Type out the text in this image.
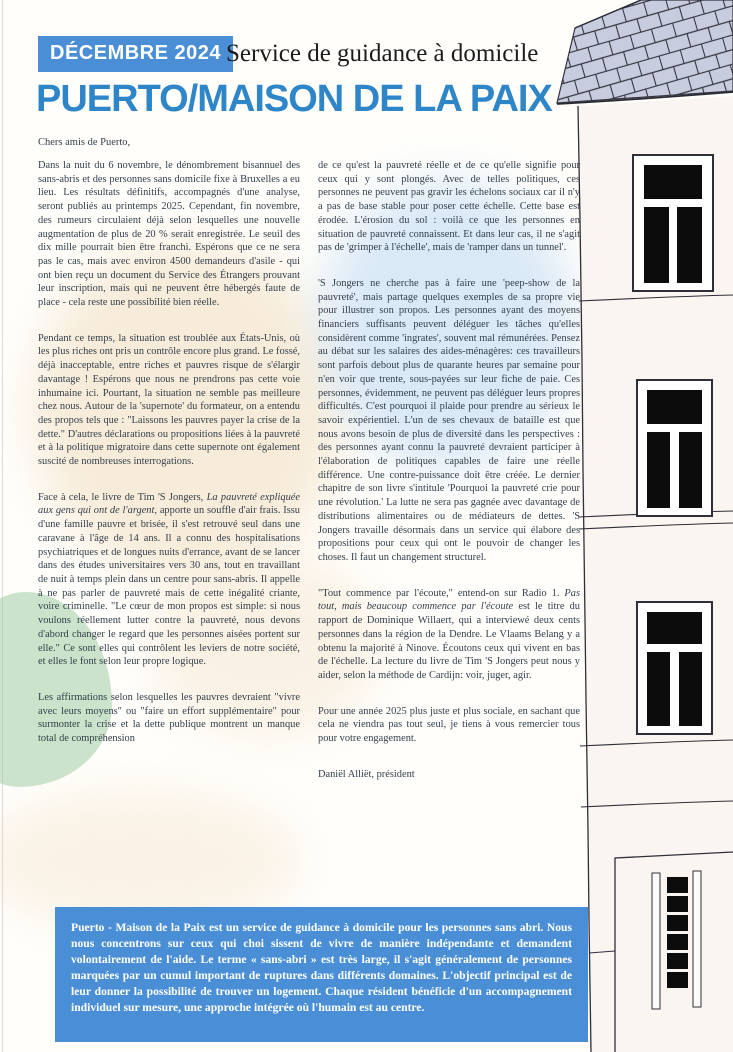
DÉCEMBRE 2024 Service de guidance à domicile
PUERTO/MAISON DE LA PAIX
Chers amis de Puerto,

Dans la nuit du 6 novembre, le dénombrement bisannuel des sans-abris et des personnes sans domicile fixe à Bruxelles a eu lieu. Les résultats définitifs, accompagnés d'une analyse, seront publiés au printemps 2025. Cependant, fin novembre, des rumeurs circulaient déjà selon lesquelles une nouvelle augmentation de plus de 20 % serait enregistrée. Le seuil des dix mille pourrait bien être franchi. Espérons que ce ne sera pas le cas, mais avec environ 4500 demandeurs d'asile - qui ont bien reçu un document du Service des Étrangers prouvant leur inscription, mais qui ne peuvent être hébergés faute de place - cela reste une possibilité bien réelle.

Pendant ce temps, la situation est troublée aux États-Unis, où les plus riches ont pris un contrôle encore plus grand. Le fossé, déjà inacceptable, entre riches et pauvres risque de s'élargir davantage ! Espérons que nous ne prendrons pas cette voie inhumaine ici. Pourtant, la situation ne semble pas meilleure chez nous. Autour de la 'supernote' du formateur, on a entendu des propos tels que : "Laissons les pauvres payer la crise de la dette." D'autres déclarations ou propositions liées à la pauvreté et à la politique migratoire dans cette supernote ont également suscité de nombreuses interrogations.

Face à cela, le livre de Tim 'S Jongers, La pauvreté expliquée aux gens qui ont de l'argent, apporte un souffle d'air frais. Issu d'une famille pauvre et brisée, il s'est retrouvé seul dans une caravane à l'âge de 14 ans. Il a connu des hospitalisations psychiatriques et de longues nuits d'errance, avant de se lancer dans des études universitaires vers 30 ans, tout en travaillant de nuit à temps plein dans un centre pour sans-abris. Il appelle à ne pas parler de pauvreté mais de cette inégalité criante, voire criminelle. "Le cœur de mon propos est simple: si nous voulons réellement lutter contre la pauvreté, nous devons d'abord changer le regard que les personnes aisées portent sur elle." Ce sont elles qui contrôlent les leviers de notre société, et elles le font selon leur propre logique.

Les affirmations selon lesquelles les pauvres devraient "vivre avec leurs moyens" ou "faire un effort supplémentaire" pour surmonter la crise et la dette publique montrent un manque total de compréhension

de ce qu'est la pauvreté réelle et de ce qu'elle signifie pour ceux qui y sont plongés. Avec de telles politiques, ces personnes ne peuvent pas gravir les échelons sociaux car il n'y a pas de base stable pour poser cette échelle. Cette base est érodée. L'érosion du sol : voilà ce que les personnes en situation de pauvreté connaissent. Et dans leur cas, il ne s'agit pas de 'grimper à l'échelle', mais de 'ramper dans un tunnel'.

'S Jongers ne cherche pas à faire une 'peep-show de la pauvreté', mais partage quelques exemples de sa propre vie pour illustrer son propos. Les personnes ayant des moyens financiers suffisants peuvent déléguer les tâches qu'elles considèrent comme 'ingrates', souvent mal rémunérées. Pensez au débat sur les salaires des aides-ménagères: ces travailleurs sont parfois debout plus de quarante heures par semaine pour n'en voir que trente, sous-payées sur leur fiche de paie. Ces personnes, évidemment, ne peuvent pas déléguer leurs propres difficultés. C'est pourquoi il plaide pour prendre au sérieux le savoir expérientiel. L'un de ses chevaux de bataille est que nous avons besoin de plus de diversité dans les perspectives : des personnes ayant connu la pauvreté devraient participer à l'élaboration de politiques capables de faire une réelle différence. Une contre-puissance doit être créée. Le dernier chapitre de son livre s'intitule 'Pourquoi la pauvreté crie pour une révolution.' La lutte ne sera pas gagnée avec davantage de distributions alimentaires ou de médiateurs de dettes. 'S Jongers travaille désormais dans un service qui élabore des propositions pour ceux qui ont le pouvoir de changer les choses. Il faut un changement structurel.

"Tout commence par l'écoute," entend-on sur Radio 1. Pas tout, mais beaucoup commence par l'écoute est le titre du rapport de Dominique Willaert, qui a interviewé deux cents personnes dans la région de la Dendre. Le Vlaams Belang y a obtenu la majorité à Ninove. Écoutons ceux qui vivent en bas de l'échelle. La lecture du livre de Tim 'S Jongers peut nous y aider, selon la méthode de Cardijn: voir, juger, agir.

Pour une année 2025 plus juste et plus sociale, en sachant que cela ne viendra pas tout seul, je tiens à vous remercier tous pour votre engagement.

Daniël Alliët, président

Puerto - Maison de la Paix est un service de guidance à domicile pour les personnes sans abri. Nous nous concentrons sur ceux qui choi sissent de vivre de manière indépendante et demandent volontairement de l'aide. Le terme « sans-abri » est très large, il s'agit généralement de personnes marquées par un cumul important de ruptures dans différents domaines. L'objectif principal est de leur donner la possibilité de trouver un logement. Chaque résident bénéficie d'un accompagnement individuel sur mesure, une approche intégrée où l'humain est au centre.
